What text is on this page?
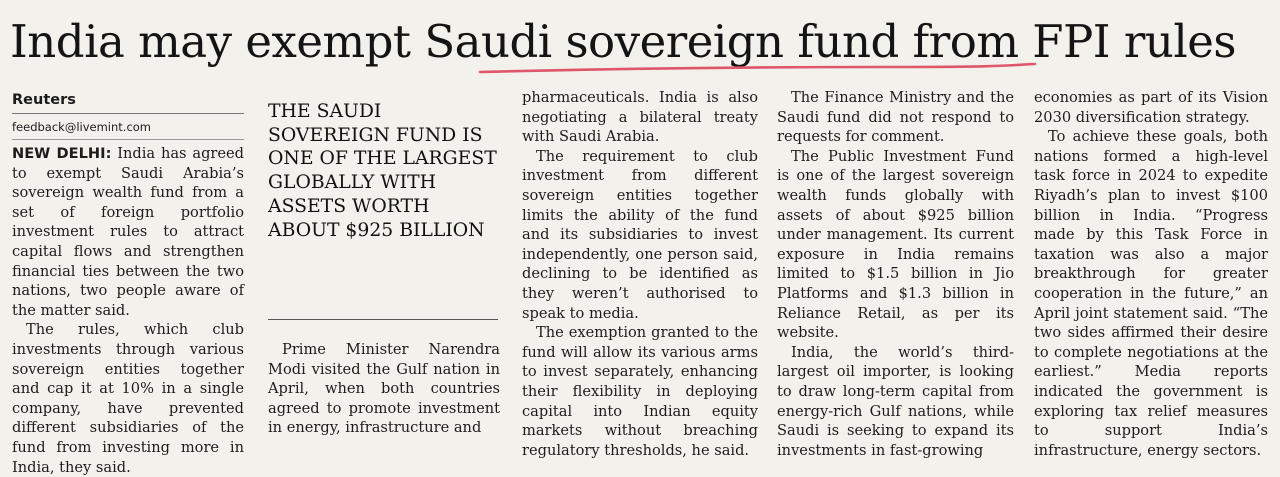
India may exempt Saudi sovereign fund from FPI rules
Reuters
feedback@livemint.com

NEW DELHI: India has agreed to exempt Saudi Arabia’s sovereign wealth fund from a set of foreign portfolio investment rules to attract capital flows and strengthen financial ties between the two nations, two people aware of the matter said.

The rules, which club investments through various sovereign entities together and cap it at 10% in a single company, have prevented different subsidiaries of the fund from investing more in India, they said.

THE SAUDI SOVEREIGN FUND IS ONE OF THE LARGEST GLOBALLY WITH ASSETS WORTH ABOUT $925 BILLION

Prime Minister Narendra Modi visited the Gulf nation in April, when both countries agreed to promote investment in energy, infrastructure and

pharmaceuticals. India is also negotiating a bilateral treaty with Saudi Arabia.

The requirement to club investment from different sovereign entities together limits the ability of the fund and its subsidiaries to invest independently, one person said, declining to be identified as they weren’t authorised to speak to media.

The exemption granted to the fund will allow its various arms to invest separately, enhancing their flexibility in deploying capital into Indian equity markets without breaching regulatory thresholds, he said.

The Finance Ministry and the Saudi fund did not respond to requests for comment.

The Public Investment Fund is one of the largest sovereign wealth funds globally with assets of about $925 billion under management. Its current exposure in India remains limited to $1.5 billion in Jio Platforms and $1.3 billion in Reliance Retail, as per its website.

India, the world’s third-largest oil importer, is looking to draw long-term capital from energy-rich Gulf nations, while Saudi is seeking to expand its investments in fast-growing

economies as part of its Vision 2030 diversification strategy.

To achieve these goals, both nations formed a high-level task force in 2024 to expedite Riyadh’s plan to invest $100 billion in India. “Progress made by this Task Force in taxation was also a major breakthrough for greater cooperation in the future,” an April joint statement said. “The two sides affirmed their desire to complete negotiations at the earliest.” Media reports indicated the government is exploring tax relief measures to support India’s infrastructure, energy sectors.
